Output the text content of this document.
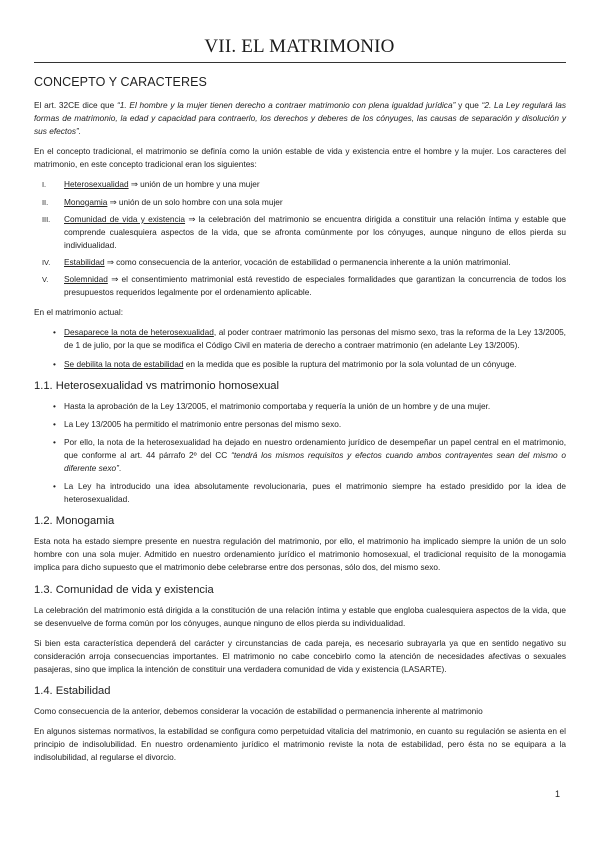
VII. EL MATRIMONIO
CONCEPTO Y CARACTERES

El art. 32CE dice que “1. El hombre y la mujer tienen derecho a contraer matrimonio con plena igualdad jurídica” y que “2. La Ley regulará las formas de matrimonio, la edad y capacidad para contraerlo, los derechos y deberes de los cónyuges, las causas de separación y disolución y sus efectos”.

En el concepto tradicional, el matrimonio se definía como la unión estable de vida y existencia entre el hombre y la mujer. Los caracteres del matrimonio, en este concepto tradicional eran los siguientes:

I.	Heterosexualidad ⇒ unión de un hombre y una mujer
II.	Monogamia ⇒ unión de un solo hombre con una sola mujer
III.	Comunidad de vida y existencia ⇒ la celebración del matrimonio se encuentra dirigida a constituir una relación íntima y estable que comprende cualesquiera aspectos de la vida, que se afronta comúnmente por los cónyuges, aunque ninguno de ellos pierda su individualidad.
IV.	Estabilidad ⇒ como consecuencia de la anterior, vocación de estabilidad o permanencia inherente a la unión matrimonial.
V.	Solemnidad ⇒ el consentimiento matrimonial está revestido de especiales formalidades que garantizan la concurrencia de todos los presupuestos requeridos legalmente por el ordenamiento aplicable.

En el matrimonio actual:

• Desaparece la nota de heterosexualidad, al poder contraer matrimonio las personas del mismo sexo, tras la reforma de la Ley 13/2005, de 1 de julio, por la que se modifica el Código Civil en materia de derecho a contraer matrimonio (en adelante Ley 13/2005).
• Se debilita la nota de estabilidad en la medida que es posible la ruptura del matrimonio por la sola voluntad de un cónyuge.
1.1. Heterosexualidad vs matrimonio homosexual
• Hasta la aprobación de la Ley 13/2005, el matrimonio comportaba y requería la unión de un hombre y de una mujer.
• La Ley 13/2005 ha permitido el matrimonio entre personas del mismo sexo.
• Por ello, la nota de la heterosexualidad ha dejado en nuestro ordenamiento jurídico de desempeñar un papel central en el matrimonio, que conforme al art. 44 párrafo 2º del CC “tendrá los mismos requisitos y efectos cuando ambos contrayentes sean del mismo o diferente sexo”.
• La Ley ha introducido una idea absolutamente revolucionaria, pues el matrimonio siempre ha estado presidido por la idea de heterosexualidad.
1.2. Monogamia

Esta nota ha estado siempre presente en nuestra regulación del matrimonio, por ello, el matrimonio ha implicado siempre la unión de un solo hombre con una sola mujer. Admitido en nuestro ordenamiento jurídico el matrimonio homosexual, el tradicional requisito de la monogamia implica para dicho supuesto que el matrimonio debe celebrarse entre dos personas, sólo dos, del mismo sexo.

1.3. Comunidad de vida y existencia

La celebración del matrimonio está dirigida a la constitución de una relación íntima y estable que engloba cualesquiera aspectos de la vida, que se desenvuelve de forma común por los cónyuges, aunque ninguno de ellos pierda su individualidad.

Si bien esta característica dependerá del carácter y circunstancias de cada pareja, es necesario subrayarla ya que en sentido negativo su consideración arroja consecuencias importantes. El matrimonio no cabe concebirlo como la atención de necesidades afectivas o sexuales pasajeras, sino que implica la intención de constituir una verdadera comunidad de vida y existencia (LASARTE).

1.4. Estabilidad

Como consecuencia de la anterior, debemos considerar la vocación de estabilidad o permanencia inherente al matrimonio

En algunos sistemas normativos, la estabilidad se configura como perpetuidad vitalicia del matrimonio, en cuanto su regulación se asienta en el principio de indisolubilidad. En nuestro ordenamiento jurídico el matrimonio reviste la nota de estabilidad, pero ésta no se equipara a la indisolubilidad, al regularse el divorcio.

1
